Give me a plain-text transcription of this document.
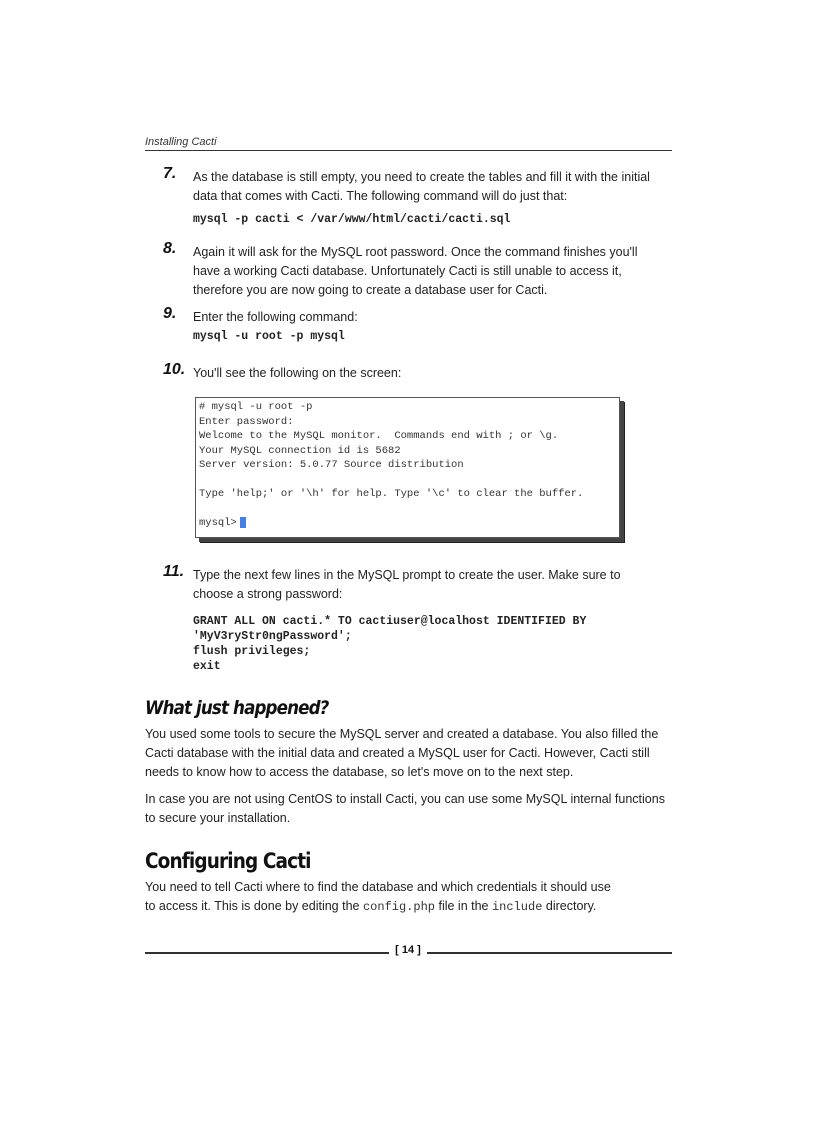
Installing Cacti
7. As the database is still empty, you need to create the tables and fill it with the initial
data that comes with Cacti. The following command will do just that:
mysql -p cacti < /var/www/html/cacti/cacti.sql
8. Again it will ask for the MySQL root password. Once the command finishes you'll
have a working Cacti database. Unfortunately Cacti is still unable to access it,
therefore you are now going to create a database user for Cacti.
9. Enter the following command:
mysql -u root -p mysql
10. You'll see the following on the screen:
# mysql -u root -p
Enter password:
Welcome to the MySQL monitor.  Commands end with ; or \g.
Your MySQL connection id is 5682
Server version: 5.0.77 Source distribution
Type 'help;' or '\h' for help. Type '\c' to clear the buffer.
mysql>
11. Type the next few lines in the MySQL prompt to create the user. Make sure to
choose a strong password:
GRANT ALL ON cacti.* TO cactiuser@localhost IDENTIFIED BY
'MyV3ryStr0ngPassword';
flush privileges;
exit
What just happened?
You used some tools to secure the MySQL server and created a database. You also filled the
Cacti database with the initial data and created a MySQL user for Cacti. However, Cacti still
needs to know how to access the database, so let's move on to the next step.
In case you are not using CentOS to install Cacti, you can use some MySQL internal functions
to secure your installation.
Configuring Cacti
You need to tell Cacti where to find the database and which credentials it should use
to access it. This is done by editing the config.php file in the include directory.
[ 14 ]
